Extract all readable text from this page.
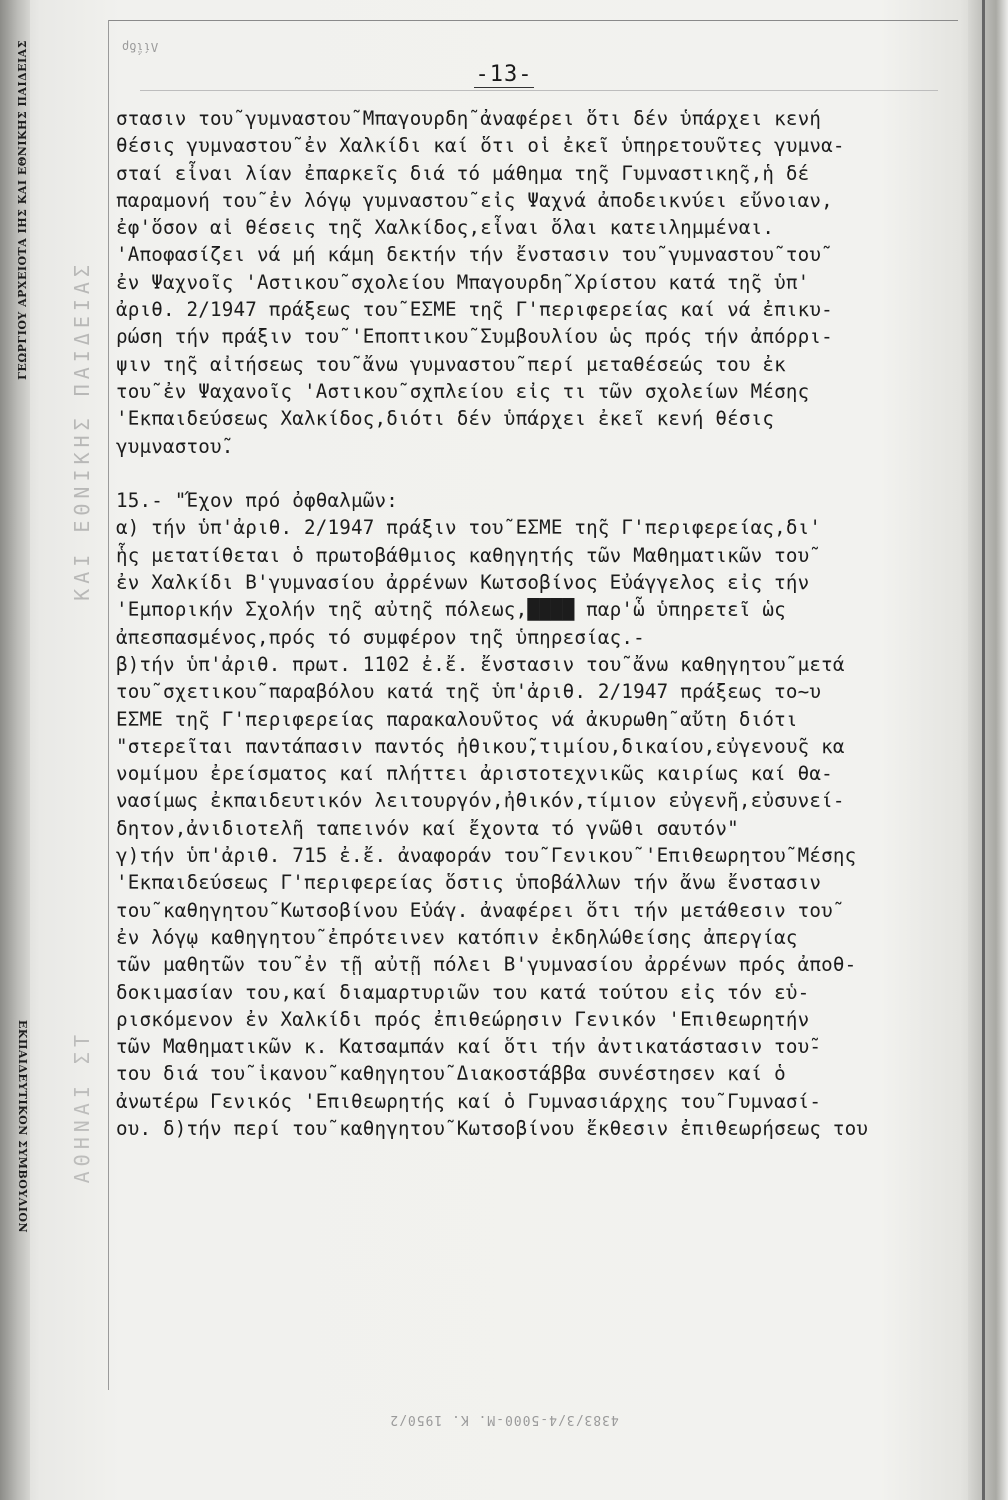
ΓΕΩΡΓΙΟΥ ΑΡΧΕΙΟΤΑ ΙΗΣ ΚΑΙ ΕΘΝΙΚΗΣ ΠΑΙΔΕΙΑΣ
ΕΚΠΑΙΔΕΥΤΙΚΟΝ ΣΥΜΒΟΥΛΙΟΝ
ΚΑΙ ΕΘΝΙΚΗΣ ΠΑΙΔΕΙΑΣ
ΑΘΗΝΑΙ ΣΤ
Λίΐδρ
-13-
στασιν του̃ γυμναστου̃ Μπαγουρδη̃ ἀναφέρει ὅτι δέν ὑπάρχει κενή
θέσις γυμναστου̃ ἐν Χαλκίδι καί ὅτι οἱ ἐκεῖ ὑπηρετου̃ντες γυμνα-
σταί εἶναι λίαν ἐπαρκεῖς διά τό μάθημα τη̃ς Γυμναστικη̃ς,ἡ δέ
παραμονή του̃ ἐν λόγῳ γυμναστου̃ εἰς Ψαχνά ἀποδεικνύει εὔνοιαν,
ἐφ'ὅσον αἱ θέσεις τη̃ς Χαλκίδος,εἶναι ὅλαι κατειλημμέναι.
'Αποφασίζει νά μή κάμη δεκτήν τήν ἔνστασιν του̃ γυμναστου̃ του̃
ἐν Ψαχνοῖς 'Αστικου̃ σχολείου Μπαγουρδη̃ Χρίστου κατά τη̃ς ὑπ'
ἀριθ. 2/1947 πράξεως του̃ ΕΣΜΕ τη̃ς Γ'περιφερείας καί νά ἐπικυ-
ρώση τήν πράξιν του̃ 'Εποπτικου̃ Συμβουλίου ὡς πρός τήν ἀπόρρι-
ψιν τη̃ς αἰτήσεως του̃ ἄνω γυμναστου̃ περί μεταθέσεώς του ἐκ
του̃ ἐν Ψαχανοῖς 'Αστικου̃ σχπλείου εἰς τι τῶν σχολείων Μέσης
'Εκπαιδεύσεως Χαλκίδος,διότι δέν ὑπάρχει ἐκεῖ κενή θέσις
γυμναστου̃.
15.- "Έχον πρό ὀφθαλμῶν:
α) τήν ὑπ'ἀριθ. 2/1947 πράξιν του̃ ΕΣΜΕ τη̃ς Γ'περιφερείας,δι'
ἧς μετατίθεται ὁ πρωτοβάθμιος καθηγητής τῶν Μαθηματικῶν του̃
ἐν Χαλκίδι Β'γυμνασίου ἀρρένων Κωτσοβίνος Εὐάγγελος εἰς τήν
'Εμπορικήν Σχολήν τη̃ς αὐτη̃ς πόλεως,████ παρ'ὧ ὑπηρετεῖ ὡς
ἀπεσπασμένος,πρός τό συμφέρον τη̃ς ὑπηρεσίας.-
β)τήν ὑπ'ἀριθ. πρωτ. 1102 ἐ.ἔ. ἔνστασιν του̃ ἄνω καθηγητου̃ μετά
του̃ σχετικου̃ παραβόλου κατά τη̃ς ὑπ'ἀριθ. 2/1947 πράξεως το~υ
ΕΣΜΕ τη̃ς Γ'περιφερείας παρακαλου̃ντος νά ἀκυρωθη̃ αὔτη διότι
"στερεῖται παντάπασιν παντός ἠθικου̃,τιμίου,δικαίου,εὐγενου̃ς κα
νομίμου ἐρείσματος καί πλήττει ἀριστοτεχνικῶς καιρίως καί θα-
νασίμως ἐκπαιδευτικόν λειτουργόν,ἠθικόν,τίμιον εὐγενῆ,εὐσυνεί-
δητον,ἀνιδιοτελῆ ταπεινόν καί ἔχοντα τό γνῶθι σαυτόν"
γ)τήν ὑπ'ἀριθ. 715 ἐ.ἔ. ἀναφοράν του̃ Γενικου̃ 'Επιθεωρητου̃ Μέσης
'Εκπαιδεύσεως Γ'περιφερείας ὅστις ὑποβάλλων τήν ἄνω ἔνστασιν
του̃ καθηγητου̃ Κωτσοβίνου Εὐάγ. ἀναφέρει ὅτι τήν μετάθεσιν του̃
ἐν λόγῳ καθηγητου̃ ἐπρότεινεν κατόπιν ἐκδηλώθείσης ἀπεργίας
τῶν μαθητῶν του̃ ἐν τῇ αὐτῇ πόλει Β'γυμνασίου ἀρρένων πρός ἀποθ-
δοκιμασίαν του,καί διαμαρτυριῶν του κατά τούτου εἰς τόν εὑ-
ρισκόμενον ἐν Χαλκίδι πρός ἐπιθεώρησιν Γενικόν 'Επιθεωρητήν
τῶν Μαθηματικῶν κ. Κατσαμπάν καί ὅτι τήν ἀντικατάστασιν του̃-
του διά του̃ ἱκανου̃ καθηγητου̃ Διακοστάββα συνέστησεν καί ὁ
ἀνωτέρω Γενικός 'Επιθεωρητής καί ὁ Γυμνασιάρχης του̃ Γυμνασί-
ου. δ)τήν περί του̃ καθηγητου̃ Κωτσοβίνου ἔκθεσιν ἐπιθεωρήσεως του
4383/3/4-5000-M. K. 1950/2
